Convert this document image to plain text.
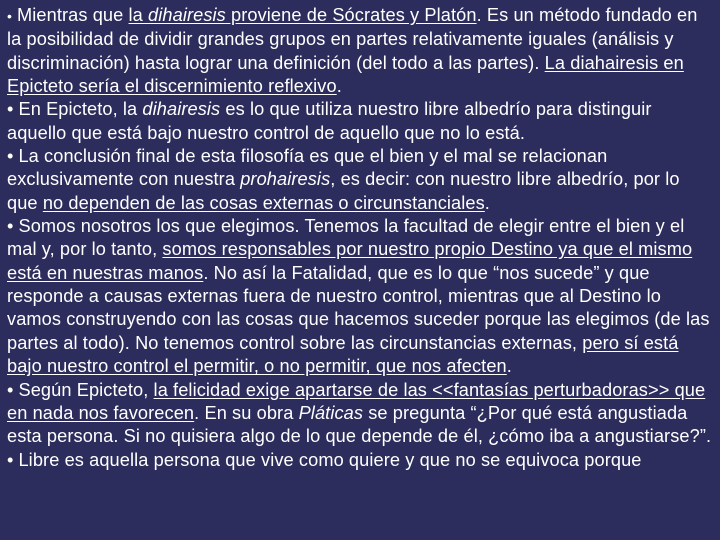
• Mientras que la dihairesis proviene de Sócrates y Platón. Es un método fundado en la posibilidad de dividir grandes grupos en partes relativamente iguales (análisis y discriminación) hasta lograr una definición (del todo a las partes). La diahairesis en Epicteto sería el discernimiento reflexivo.

• En Epicteto, la dihairesis es lo que utiliza nuestro libre albedrío para distinguir aquello que está bajo nuestro control de aquello que no lo está.

• La conclusión final de esta filosofía es que el bien y el mal se relacionan exclusivamente con nuestra prohairesis, es decir: con nuestro libre albedrío, por lo que no dependen de las cosas externas o circunstanciales.

• Somos nosotros los que elegimos. Tenemos la facultad de elegir entre el bien y el mal y, por lo tanto, somos responsables por nuestro propio Destino ya que el mismo está en nuestras manos. No así la Fatalidad, que es lo que “nos sucede” y que responde a causas externas fuera de nuestro control, mientras que al Destino lo vamos construyendo con las cosas que hacemos suceder porque las elegimos (de las partes al todo). No tenemos control sobre las circunstancias externas, pero sí está bajo nuestro control el permitir, o no permitir, que nos afecten.

• Según Epicteto, la felicidad exige apartarse de las <<fantasías perturbadoras>> que en nada nos favorecen. En su obra Pláticas se pregunta “¿Por qué está angustiada esta persona. Si no quisiera algo de lo que depende de él, ¿cómo iba a angustiarse?”.

• Libre es aquella persona que vive como quiere y que no se equivoca porque
